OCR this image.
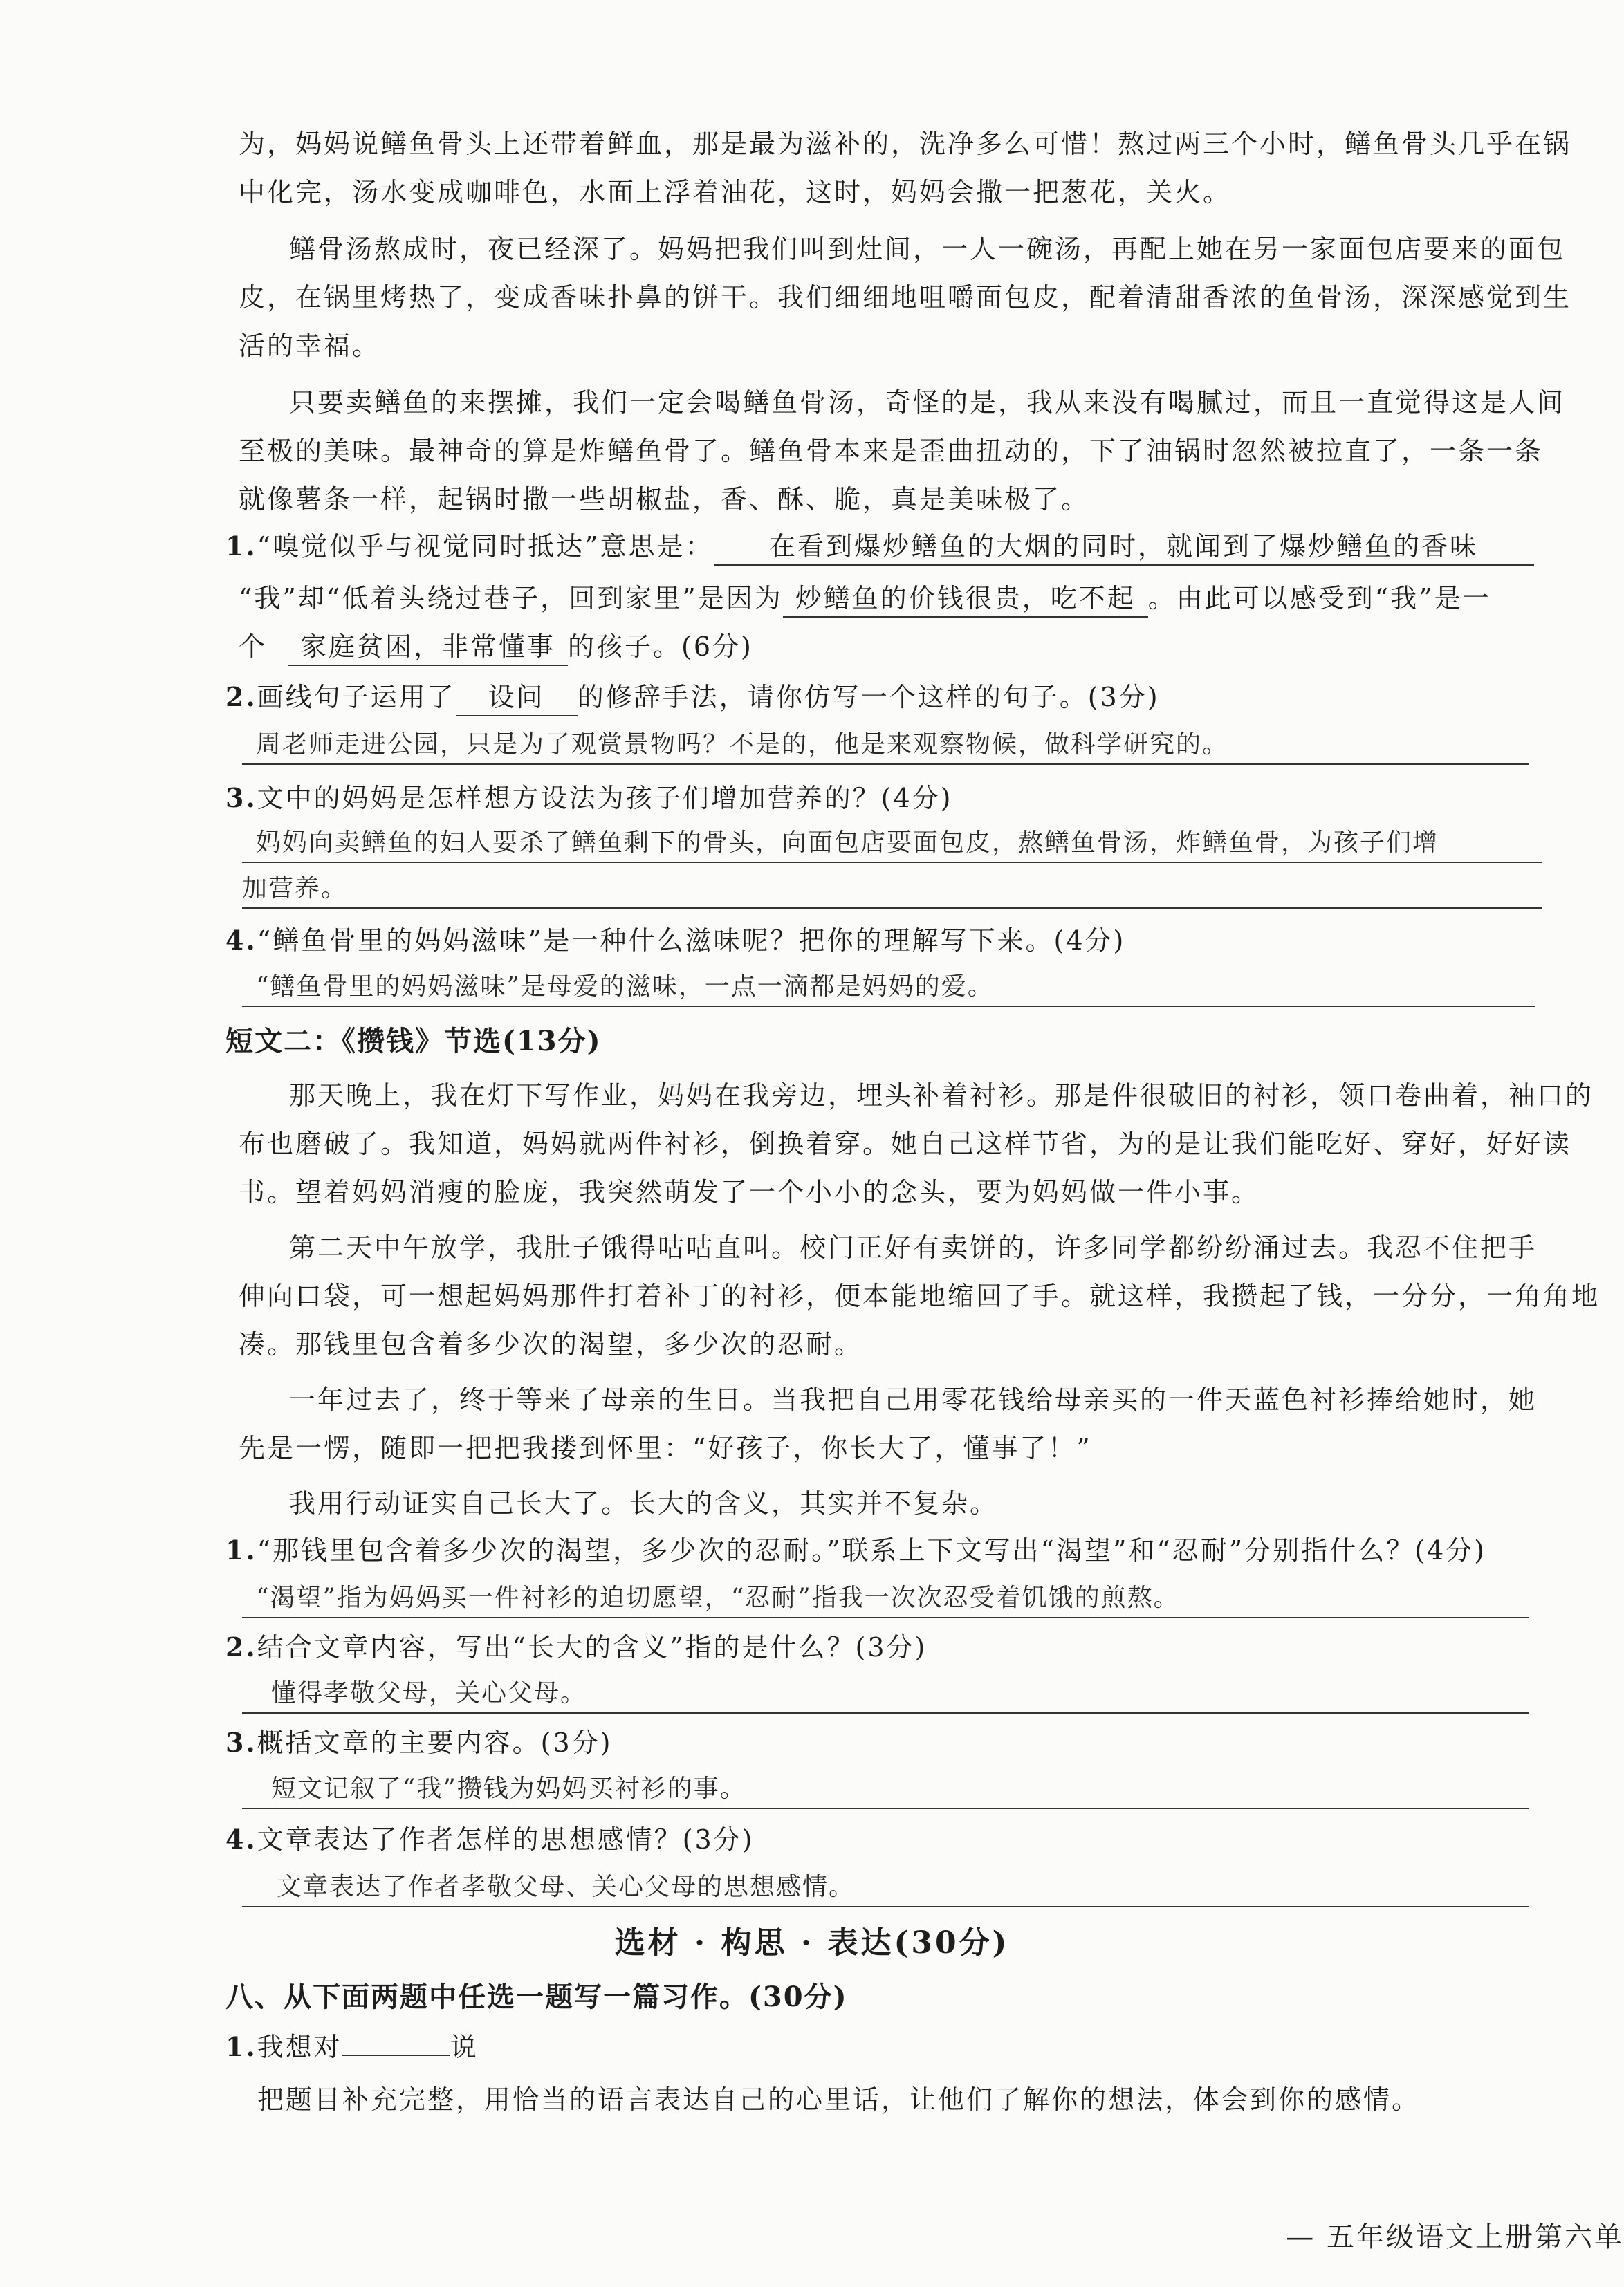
为，妈妈说鳝鱼骨头上还带着鲜血，那是最为滋补的，洗净多么可惜！熬过两三个小时，鳝鱼骨头几乎在锅
中化完，汤水变成咖啡色，水面上浮着油花，这时，妈妈会撒一把葱花，关火。
鳝骨汤熬成时，夜已经深了。妈妈把我们叫到灶间，一人一碗汤，再配上她在另一家面包店要来的面包
皮，在锅里烤热了，变成香味扑鼻的饼干。我们细细地咀嚼面包皮，配着清甜香浓的鱼骨汤，深深感觉到生
活的幸福。
只要卖鳝鱼的来摆摊，我们一定会喝鳝鱼骨汤，奇怪的是，我从来没有喝腻过，而且一直觉得这是人间
至极的美味。最神奇的算是炸鳝鱼骨了。鳝鱼骨本来是歪曲扭动的，下了油锅时忽然被拉直了，一条一条
就像薯条一样，起锅时撒一些胡椒盐，香、酥、脆，真是美味极了。
1.“嗅觉似乎与视觉同时抵达”意思是： 在看到爆炒鳝鱼的大烟的同时，就闻到了爆炒鳝鱼的香味
“我”却“低着头绕过巷子，回到家里”是因为 炒鳝鱼的价钱很贵，吃不起 。由此可以感受到“我”是一
个 家庭贫困，非常懂事 的孩子。(6分)
2.画线句子运用了 设问 的修辞手法，请你仿写一个这样的句子。(3分)
周老师走进公园，只是为了观赏景物吗？不是的，他是来观察物候，做科学研究的。
3.文中的妈妈是怎样想方设法为孩子们增加营养的？(4分)
妈妈向卖鳝鱼的妇人要杀了鳝鱼剩下的骨头，向面包店要面包皮，熬鳝鱼骨汤，炸鳝鱼骨，为孩子们增
加营养。
4.“鳝鱼骨里的妈妈滋味”是一种什么滋味呢？把你的理解写下来。(4分)
“鳝鱼骨里的妈妈滋味”是母爱的滋味，一点一滴都是妈妈的爱。
短文二：《攒钱》节选(13分)
那天晚上，我在灯下写作业，妈妈在我旁边，埋头补着衬衫。那是件很破旧的衬衫，领口卷曲着，袖口的
布也磨破了。我知道，妈妈就两件衬衫，倒换着穿。她自己这样节省，为的是让我们能吃好、穿好，好好读
书。望着妈妈消瘦的脸庞，我突然萌发了一个小小的念头，要为妈妈做一件小事。
第二天中午放学，我肚子饿得咕咕直叫。校门正好有卖饼的，许多同学都纷纷涌过去。我忍不住把手
伸向口袋，可一想起妈妈那件打着补丁的衬衫，便本能地缩回了手。就这样，我攒起了钱，一分分，一角角地
凑。那钱里包含着多少次的渴望，多少次的忍耐。
一年过去了，终于等来了母亲的生日。当我把自己用零花钱给母亲买的一件天蓝色衬衫捧给她时，她
先是一愣，随即一把把我搂到怀里：“好孩子，你长大了，懂事了！”
我用行动证实自己长大了。长大的含义，其实并不复杂。
1.“那钱里包含着多少次的渴望，多少次的忍耐。”联系上下文写出“渴望”和“忍耐”分别指什么？(4分)
“渴望”指为妈妈买一件衬衫的迫切愿望，“忍耐”指我一次次忍受着饥饿的煎熬。
2.结合文章内容，写出“长大的含义”指的是什么？(3分)
懂得孝敬父母，关心父母。
3.概括文章的主要内容。(3分)
短文记叙了“我”攒钱为妈妈买衬衫的事。
4.文章表达了作者怎样的思想感情？(3分)
文章表达了作者孝敬父母、关心父母的思想感情。
选材 · 构思 · 表达(30分)
八、从下面两题中任选一题写一篇习作。(30分)
1.我想对	说
把题目补充完整，用恰当的语言表达自己的心里话，让他们了解你的想法，体会到你的感情。
— 五年级语文上册第六单
